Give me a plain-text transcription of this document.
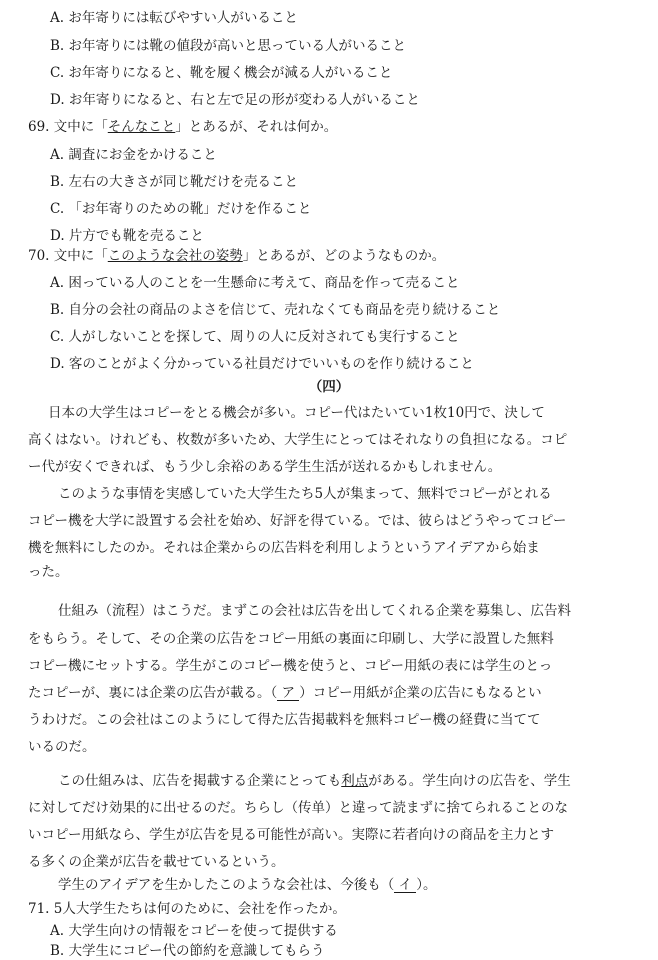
A. お年寄りには転びやすい人がいること
B. お年寄りには靴の値段が高いと思っている人がいること
C. お年寄りになると、靴を履く機会が減る人がいること
D. お年寄りになると、右と左で足の形が変わる人がいること
69. 文中に「そんなこと」とあるが、それは何か。
A. 調査にお金をかけること
B. 左右の大きさが同じ靴だけを売ること
C. 「お年寄りのための靴」だけを作ること
D. 片方でも靴を売ること
70. 文中に「このような会社の姿勢」とあるが、どのようなものか。
A. 困っている人のことを一生懸命に考えて、商品を作って売ること
B. 自分の会社の商品のよさを信じて、売れなくても商品を売り続けること
C. 人がしないことを探して、周りの人に反対されても実行すること
D. 客のことがよく分かっている社員だけでいいものを作り続けること
（四）
日本の大学生はコピーをとる機会が多い。コピー代はたいてい1枚10円で、決して
高くはない。けれども、枚数が多いため、大学生にとってはそれなりの負担になる。コピ
ー代が安くできれば、もう少し余裕のある学生生活が送れるかもしれません。
このような事情を実感していた大学生たち5人が集まって、無料でコピーがとれる
コピー機を大学に設置する会社を始め、好評を得ている。では、彼らはどうやってコピー
機を無料にしたのか。それは企業からの広告料を利用しようというアイデアから始ま
った。
仕組み（流程）はこうだ。まずこの会社は広告を出してくれる企業を募集し、広告料
をもらう。そして、その企業の広告をコピー用紙の裏面に印刷し、大学に設置した無料
コピー機にセットする。学生がこのコピー機を使うと、コピー用紙の表には学生のとっ
たコピーが、裏には企業の広告が載る。（ ア ）コピー用紙が企業の広告にもなるとい
うわけだ。この会社はこのようにして得た広告掲載料を無料コピー機の経費に当てて
いるのだ。
この仕組みは、広告を掲載する企業にとっても利点がある。学生向けの広告を、学生
に対してだけ効果的に出せるのだ。ちらし（传单）と違って読まずに捨てられることのな
いコピー用紙なら、学生が広告を見る可能性が高い。実際に若者向けの商品を主力とす
る多くの企業が広告を載せているという。
学生のアイデアを生かしたこのような会社は、今後も（ イ ）。
71. 5人大学生たちは何のために、会社を作ったか。
A. 大学生向けの情報をコピーを使って提供する
B. 大学生にコピー代の節約を意識してもらう
